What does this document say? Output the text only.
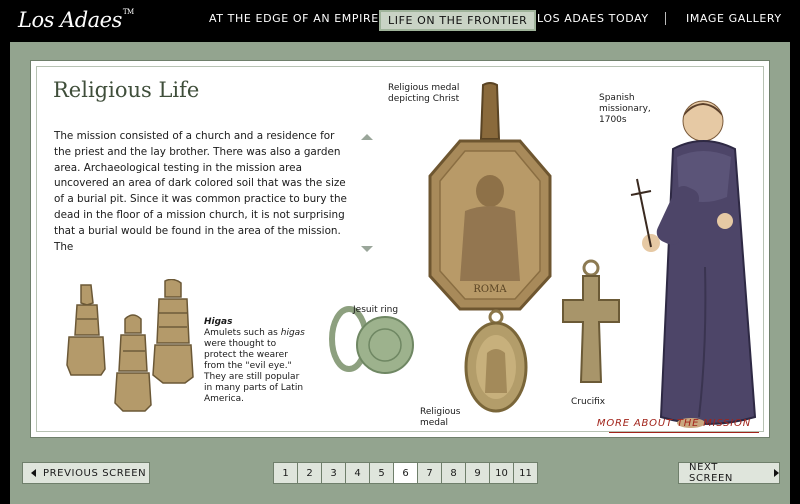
Los Adaes™	AT THE EDGE OF AN EMPIRE LIFE ON THE FRONTIER LOS ADAES TODAY	IMAGE GALLERY
Religious Life
The mission consisted of a church and a residence for the priest and the lay brother. There was also a garden area. Archaeological testing in the mission area uncovered an area of dark colored soil that was the size of a burial pit. Since it was common practice to bury the dead in the floor of a mission church, it is not surprising that a burial would be found in the area of the mission. The
ROMA
Religious medal depicting Christ	Spanish missionary, 1700s
Higas
Amulets such as higas were thought to protect the wearer from the "evil eye." They are still popular in many parts of Latin America.
Jesuit ring
Religious medal
Crucifix
MORE ABOUT THE MISSION
PREVIOUS SCREEN	1	2	3	4	5	6	7	8	9	10	11	NEXT SCREEN
